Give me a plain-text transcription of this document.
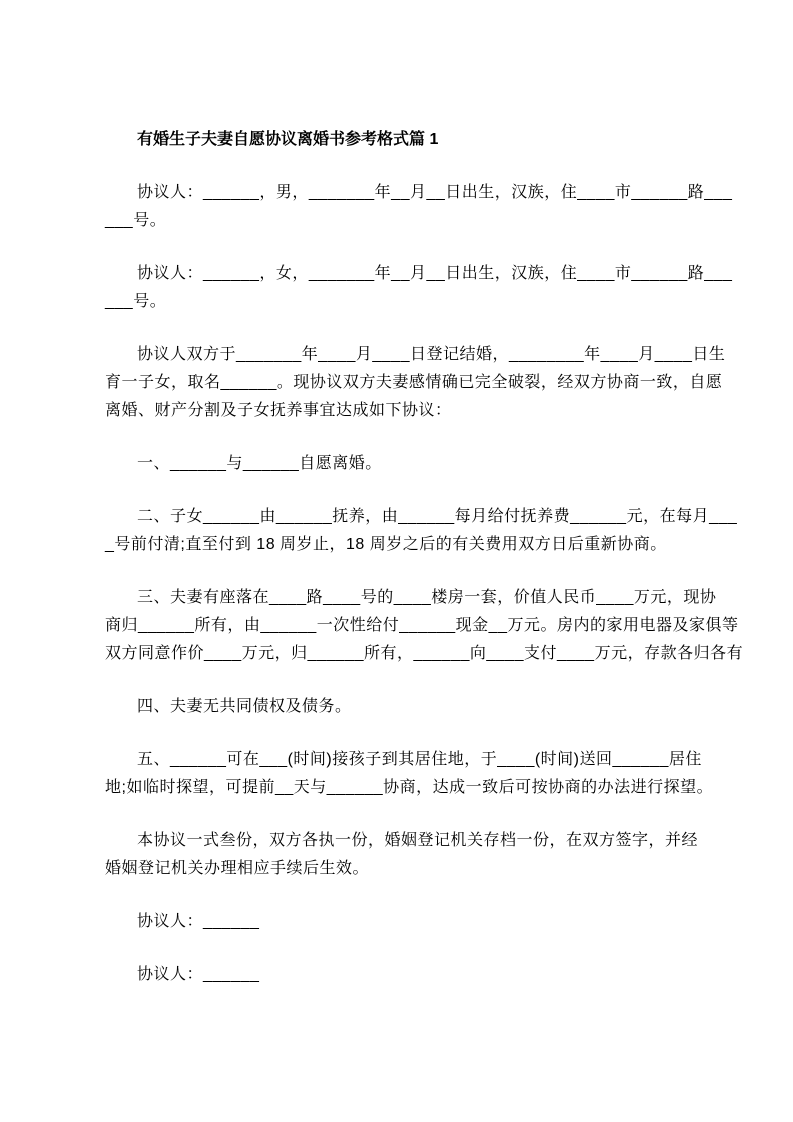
有婚生子夫妻自愿协议离婚书参考格式篇 1
协议人：______，男，_______年__月__日出生，汉族，住____市______路___
___号。
协议人：______，女，_______年__月__日出生，汉族，住____市______路___
___号。
协议人双方于_______年____月____日登记结婚，________年____月____日生
育一子女，取名______。现协议双方夫妻感情确已完全破裂，经双方协商一致，自愿
离婚、财产分割及子女抚养事宜达成如下协议：
一、______与______自愿离婚。
二、子女______由______抚养，由______每月给付抚养费______元，在每月___
_号前付清;直至付到 18 周岁止，18 周岁之后的有关费用双方日后重新协商。
三、夫妻有座落在____路____号的____楼房一套，价值人民币____万元，现协
商归______所有，由______一次性给付______现金__万元。房内的家用电器及家俱等
双方同意作价____万元，归______所有，______向____支付____万元，存款各归各有
四、夫妻无共同债权及债务。
五、______可在___(时间)接孩子到其居住地，于____(时间)送回______居住
地;如临时探望，可提前__天与______协商，达成一致后可按协商的办法进行探望。
本协议一式叁份，双方各执一份，婚姻登记机关存档一份，在双方签字，并经
婚姻登记机关办理相应手续后生效。
协议人：______
协议人：______
